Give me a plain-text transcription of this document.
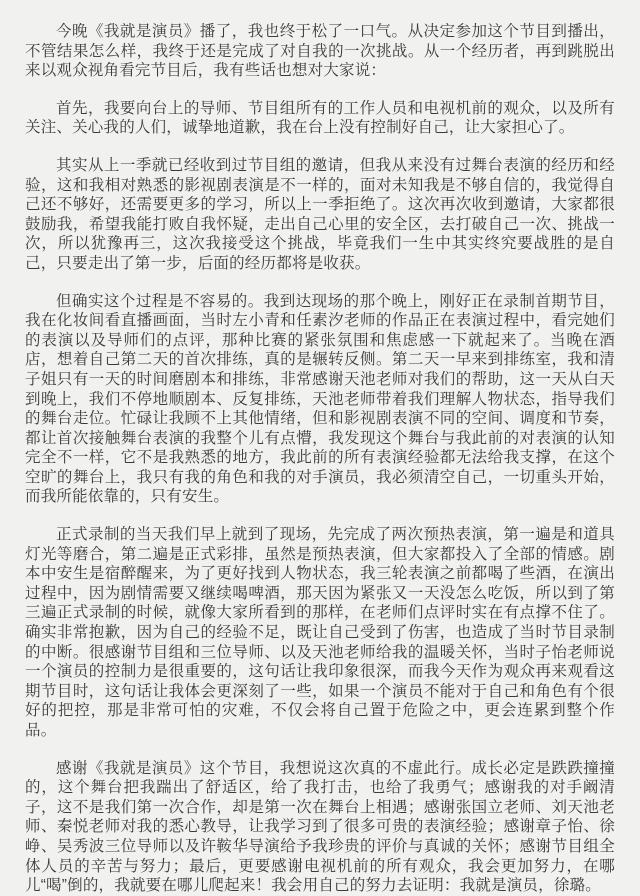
今晚《我就是演员》播了，我也终于松了一口气。从决定参加这个节目到播出，不管结果怎么样，我终于还是完成了对自我的一次挑战。从一个经历者，再到跳脱出来以观众视角看完节目后，我有些话也想对大家说：

首先，我要向台上的导师、节目组所有的工作人员和电视机前的观众，以及所有关注、关心我的人们，诚挚地道歉，我在台上没有控制好自己，让大家担心了。

其实从上一季就已经收到过节目组的邀请，但我从来没有过舞台表演的经历和经验，这和我相对熟悉的影视剧表演是不一样的，面对未知我是不够自信的，我觉得自己还不够好，还需要更多的学习，所以上一季拒绝了。这次再次收到邀请，大家都很鼓励我，希望我能打败自我怀疑，走出自己心里的安全区，去打破自己一次、挑战一次，所以犹豫再三，这次我接受这个挑战，毕竟我们一生中其实终究要战胜的是自己，只要走出了第一步，后面的经历都将是收获。

但确实这个过程是不容易的。我到达现场的那个晚上，刚好正在录制首期节目，我在化妆间看直播画面，当时左小青和任素汐老师的作品正在表演过程中，看完她们的表演以及导师们的点评，那种比赛的紧张氛围和焦虑感一下就起来了。当晚在酒店，想着自己第二天的首次排练，真的是辗转反侧。第二天一早来到排练室，我和清子姐只有一天的时间磨剧本和排练，非常感谢天池老师对我们的帮助，这一天从白天到晚上，我们不停地顺剧本、反复排练，天池老师带着我们理解人物状态，指导我们的舞台走位。忙碌让我顾不上其他情绪，但和影视剧表演不同的空间、调度和节奏，都让首次接触舞台表演的我整个儿有点懵，我发现这个舞台与我此前的对表演的认知完全不一样，它不是我熟悉的地方，我此前的所有表演经验都无法给我支撑，在这个空旷的舞台上，我只有我的角色和我的对手演员，我必须清空自己，一切重头开始，而我所能依靠的，只有安生。

正式录制的当天我们早上就到了现场，先完成了两次预热表演，第一遍是和道具灯光等磨合，第二遍是正式彩排，虽然是预热表演，但大家都投入了全部的情感。剧本中安生是宿醉醒来，为了更好找到人物状态，我三轮表演之前都喝了些酒，在演出过程中，因为剧情需要又继续喝啤酒，那天因为紧张又一天没怎么吃饭，所以到了第三遍正式录制的时候，就像大家所看到的那样，在老师们点评时实在有点撑不住了。确实非常抱歉，因为自己的经验不足，既让自己受到了伤害，也造成了当时节目录制的中断。很感谢节目组和三位导师、以及天池老师给我的温暖关怀，当时子怡老师说一个演员的控制力是很重要的，这句话让我印象很深，而我今天作为观众再来观看这期节目时，这句话让我体会更深刻了一些，如果一个演员不能对于自己和角色有个很好的把控，那是非常可怕的灾难，不仅会将自己置于危险之中，更会连累到整个作品。

感谢《我就是演员》这个节目，我想说这次真的不虚此行。成长必定是跌跌撞撞的，这个舞台把我踹出了舒适区，给了我打击，也给了我勇气；感谢我的对手阚清子，这不是我们第一次合作，却是第一次在舞台上相遇；感谢张国立老师、刘天池老师、秦悦老师对我的悉心教导，让我学习到了很多可贵的表演经验；感谢章子怡、徐峥、吴秀波三位导师以及许鞍华导演给予我珍贵的评价与真诚的关怀；感谢节目组全体人员的辛苦与努力；最后，更要感谢电视机前的所有观众，我会更加努力，在哪儿“喝”倒的，我就要在哪儿爬起来！我会用自己的努力去证明：我就是演员，徐璐。
